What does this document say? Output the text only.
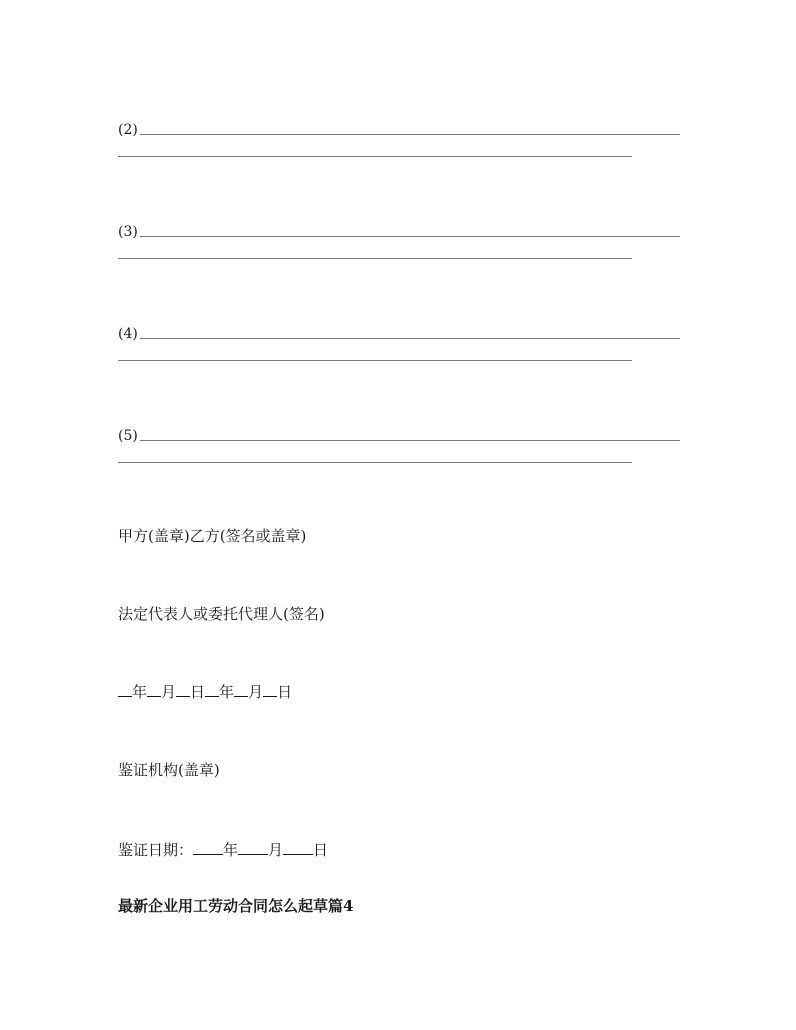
(2)
(3)
(4)
(5)
甲方(盖章)乙方(签名或盖章)
法定代表人或委托代理人(签名)
年 月 日 年 月 日
鉴证机构(盖章)
鉴证日期： 年 月 日
最新企业用工劳动合同怎么起草篇4
